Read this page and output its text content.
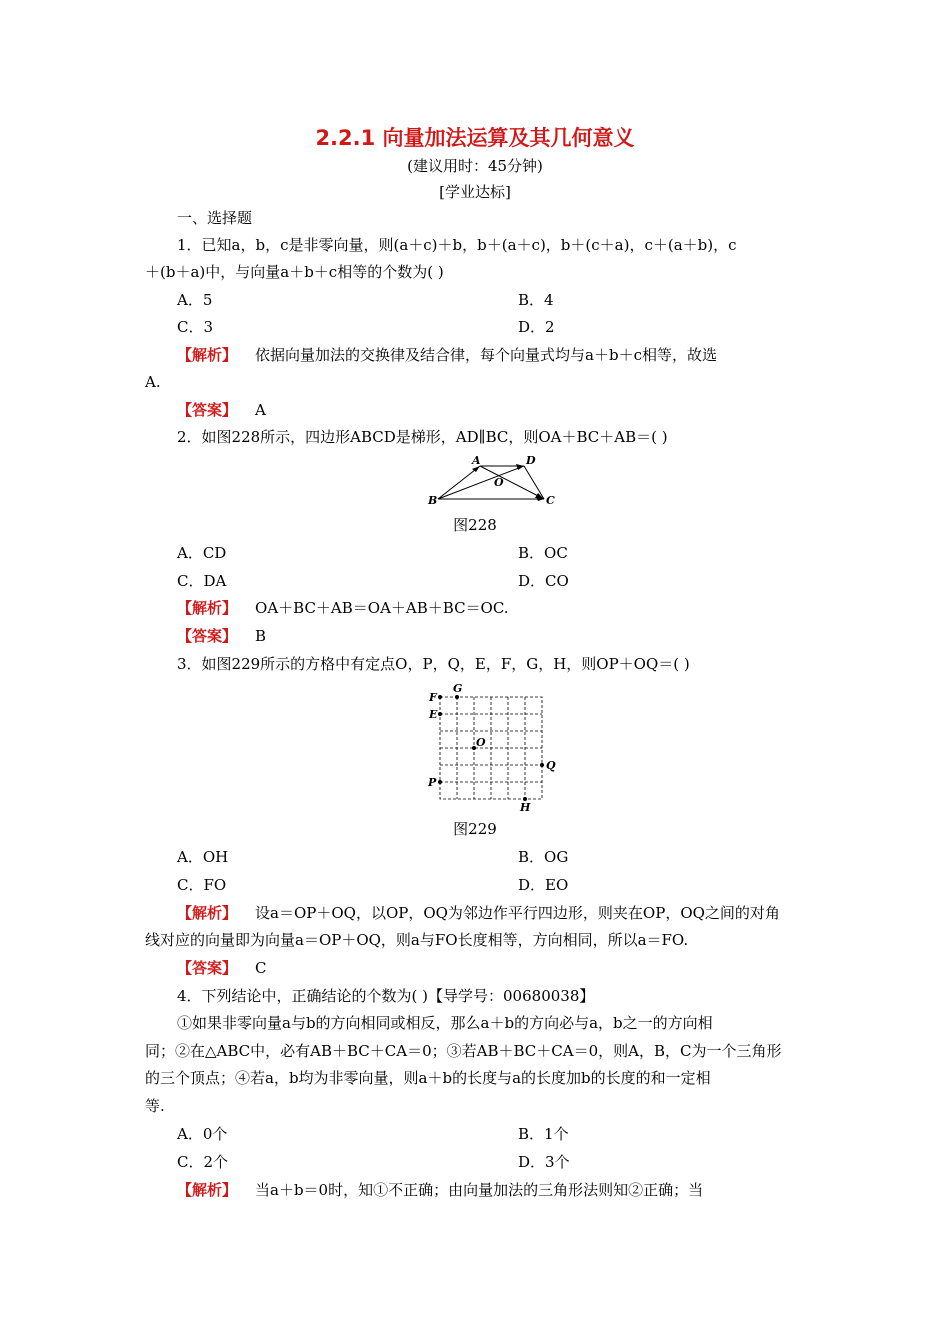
2.2.1 向量加法运算及其几何意义
(建议用时：45分钟)
[学业达标]
一、选择题
1．已知a，b，c是非零向量，则(a＋c)＋b，b＋(a＋c)，b＋(c＋a)，c＋(a＋b)，c
＋(b＋a)中，与向量a＋b＋c相等的个数为( )
A．5	B．4
C．3	D．2
【解析】 依据向量加法的交换律及结合律，每个向量式均与a＋b＋c相等，故选
A.
【答案】 A
2．如图228所示，四边形ABCD是梯形，AD∥BC，则OA＋BC＋AB＝( )
A	D
O
B	C
图228
A．CD	B．OC
C．DA	D．CO
【解析】 OA＋BC＋AB＝OA＋AB＋BC＝OC.
【答案】 B
3．如图229所示的方格中有定点O，P，Q，E，F，G，H，则OP＋OQ＝( )
F
G
E
O
Q
P
H
图229
A．OH	B．OG
C．FO	D．EO
【解析】 设a＝OP＋OQ，以OP，OQ为邻边作平行四边形，则夹在OP，OQ之间的对角
线对应的向量即为向量a＝OP＋OQ，则a与FO长度相等，方向相同，所以a＝FO.
【答案】 C
4．下列结论中，正确结论的个数为( )【导学号：00680038】
①如果非零向量a与b的方向相同或相反，那么a＋b的方向必与a，b之一的方向相
同；②在△ABC中，必有AB＋BC＋CA＝0；③若AB＋BC＋CA＝0，则A，B，C为一个三角形
的三个顶点；④若a，b均为非零向量，则a＋b的长度与a的长度加b的长度的和一定相
等.
A．0个	B．1个
C．2个	D．3个
【解析】 当a＋b＝0时，知①不正确；由向量加法的三角形法则知②正确；当
